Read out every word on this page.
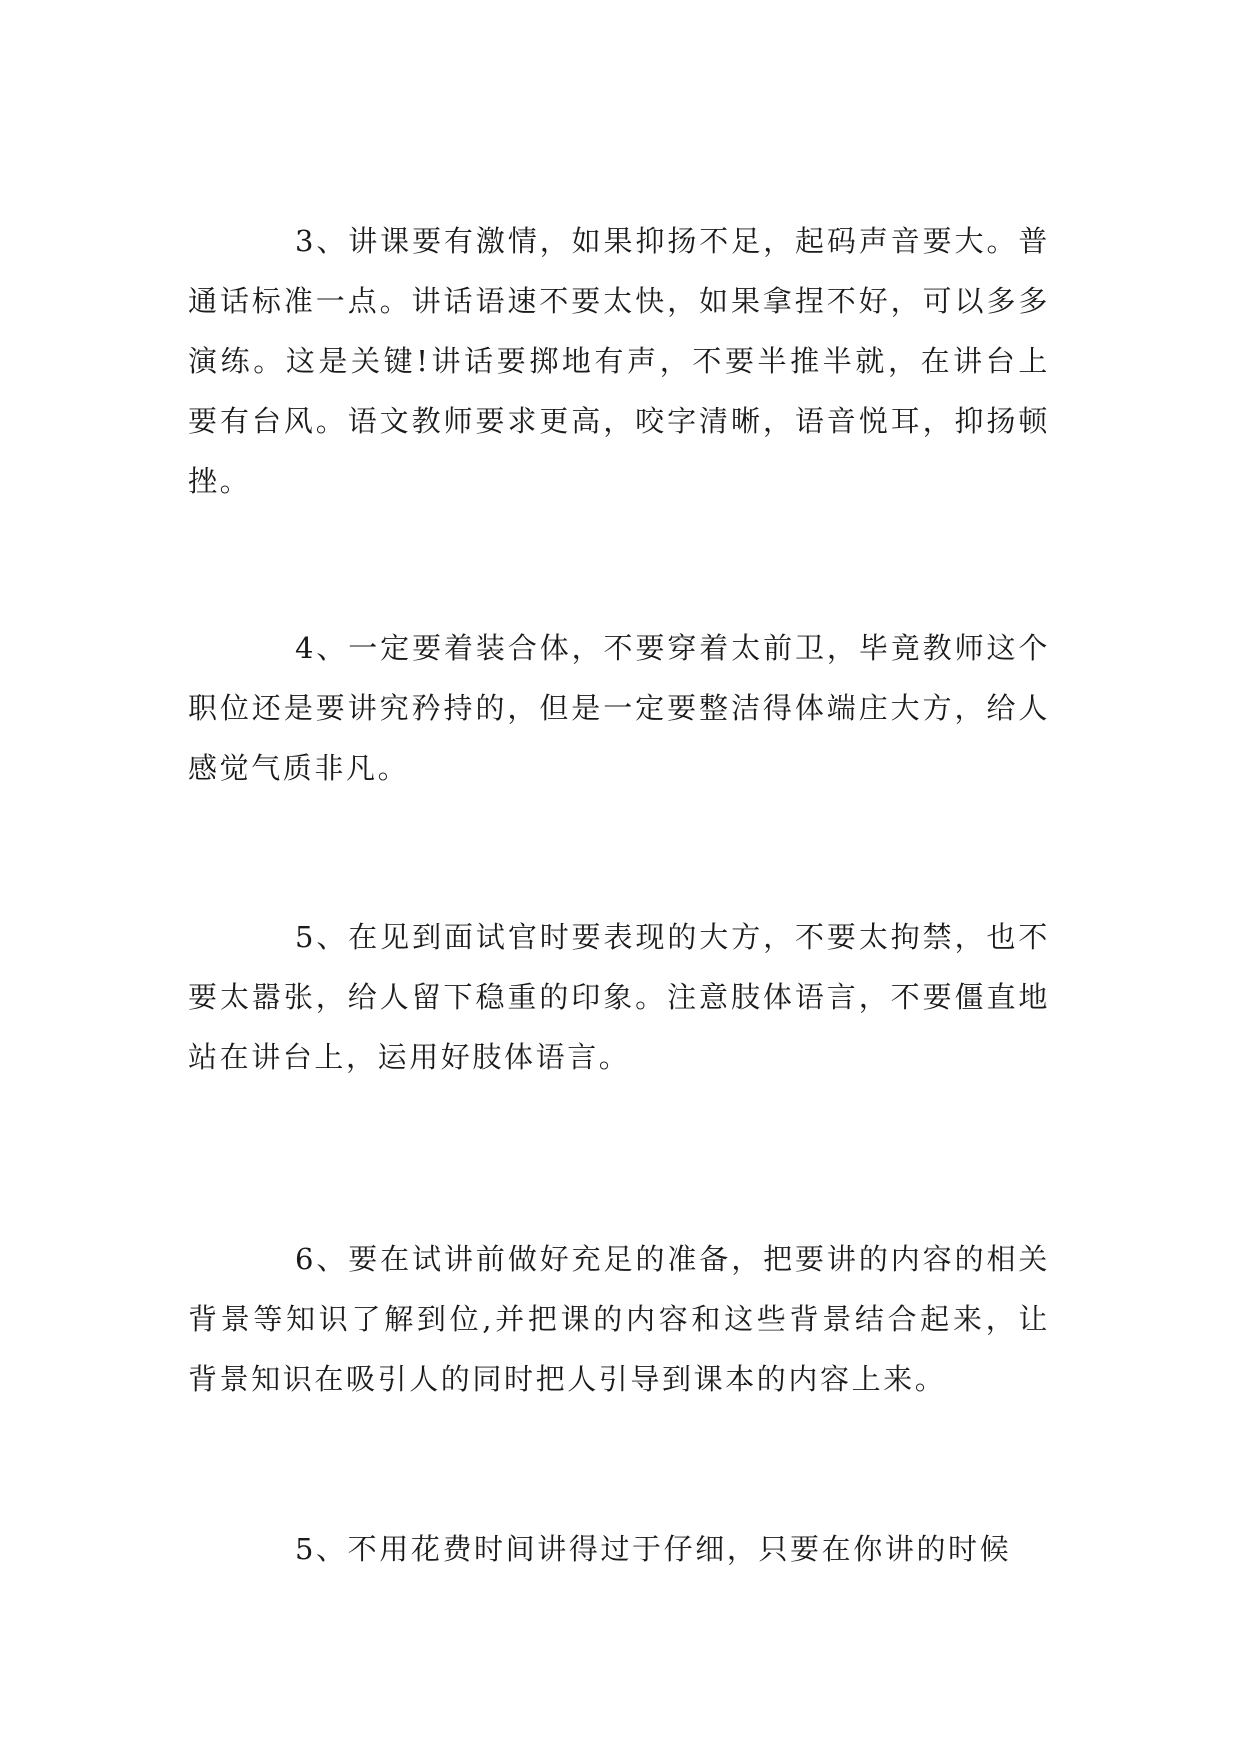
3、讲课要有激情，如果抑扬不足，起码声音要大。普通话标准一点。讲话语速不要太快，如果拿捏不好，可以多多演练。这是关键!讲话要掷地有声，不要半推半就，在讲台上要有台风。语文教师要求更高，咬字清晰，语音悦耳，抑扬顿挫。

4、一定要着装合体，不要穿着太前卫，毕竟教师这个职位还是要讲究矜持的，但是一定要整洁得体端庄大方，给人感觉气质非凡。

5、在见到面试官时要表现的大方，不要太拘禁，也不要太嚣张，给人留下稳重的印象。注意肢体语言，不要僵直地站在讲台上，运用好肢体语言。

6、要在试讲前做好充足的准备，把要讲的内容的相关背景等知识了解到位,并把课的内容和这些背景结合起来，让背景知识在吸引人的同时把人引导到课本的内容上来。

5、不用花费时间讲得过于仔细，只要在你讲的时候
